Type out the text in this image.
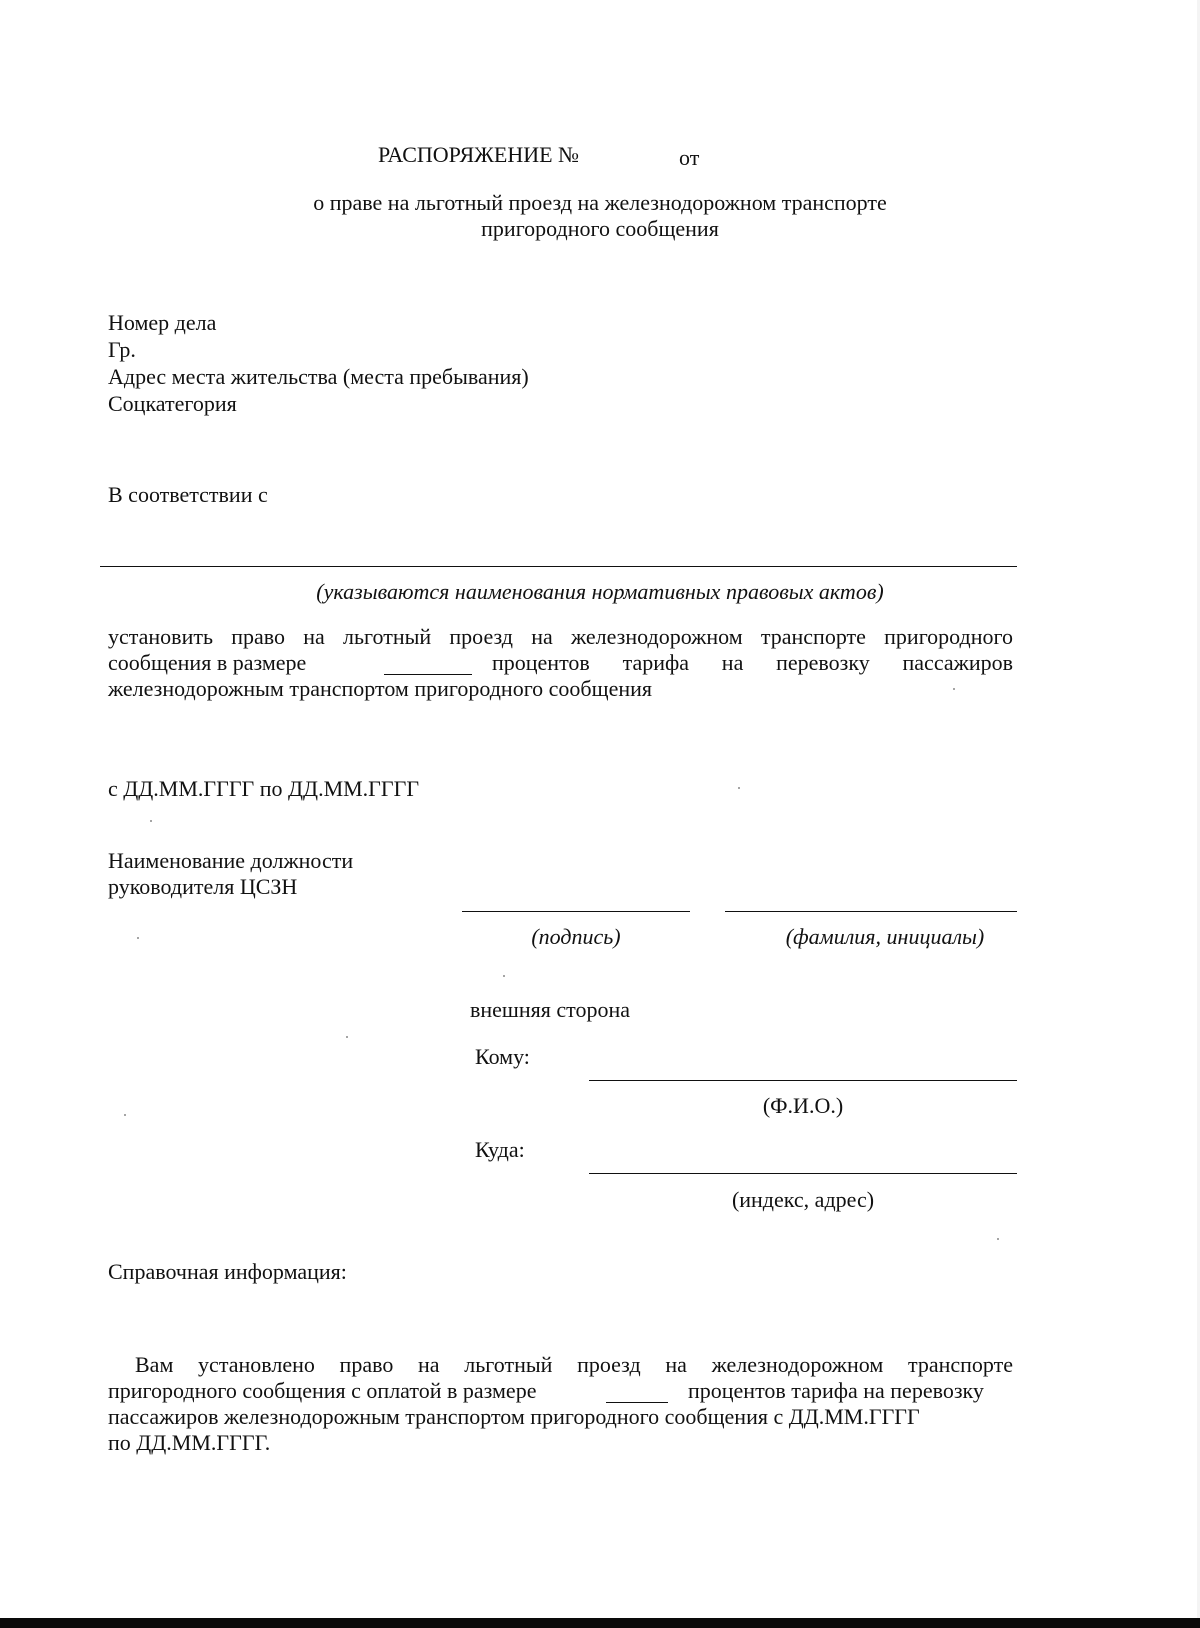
РАСПОРЯЖЕНИЕ №	от
о праве на льготный проезд на железнодорожном транспорте
пригородного сообщения
Номер дела
Гр.
Адрес места жительства (места пребывания)
Соцкатегория
В соответствии с
(указываются наименования нормативных правовых актов)
установить право на льготный проезд на железнодорожном транспорте пригородного
сообщения в размере	процентов тарифа на перевозку пассажиров
железнодорожным транспортом пригородного сообщения
с ДД.ММ.ГГГГ по ДД.ММ.ГГГГ
Наименование должности
руководителя ЦСЗН
(подпись)	(фамилия, инициалы)
внешняя сторона
Кому:
(Ф.И.О.)
Куда:
(индекс, адрес)
Справочная информация:
Вам установлено право на льготный проезд на железнодорожном транспорте
пригородного сообщения с оплатой в размере	процентов тарифа на перевозку
пассажиров железнодорожным транспортом пригородного сообщения с ДД.ММ.ГГГГ
по ДД.ММ.ГГГГ.
